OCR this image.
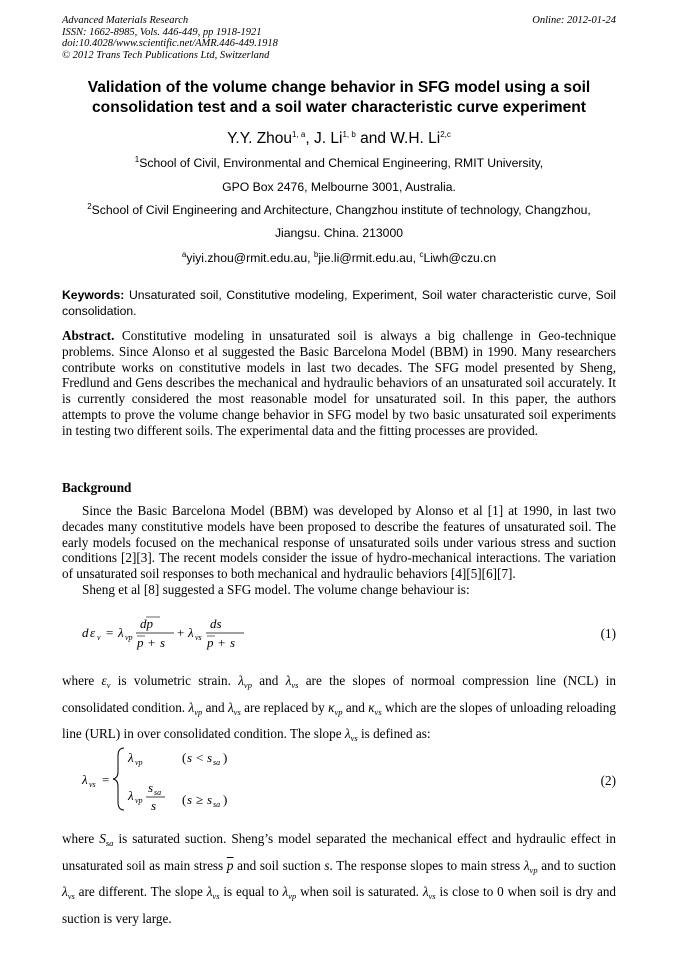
Advanced Materials Research
ISSN: 1662-8985, Vols. 446-449, pp 1918-1921
doi:10.4028/www.scientific.net/AMR.446-449.1918
© 2012 Trans Tech Publications Ltd, Switzerland
Online: 2012-01-24
Validation of the volume change behavior in SFG model using a soil
consolidation test and a soil water characteristic curve experiment
Y.Y. Zhou$^{1, a}$, J. Li$^{1, b}$ and W.H. Li$^{2,c}$
$^1$School of Civil, Environmental and Chemical Engineering, RMIT University,
GPO Box 2476, Melbourne 3001, Australia.
$^2$School of Civil Engineering and Architecture, Changzhou institute of technology, Changzhou,
Jiangsu. China. 213000
$^a$yiyi.zhou@rmit.edu.au, $^b$jie.li@rmit.edu.au, $^c$Liwh@czu.cn
Keywords: Unsaturated soil, Constitutive modeling, Experiment, Soil water characteristic curve, Soil consolidation.
Abstract. Constitutive modeling in unsaturated soil is always a big challenge in Geo-technique problems. Since Alonso et al suggested the Basic Barcelona Model (BBM) in 1990. Many researchers contribute works on constitutive models in last two decades. The SFG model presented by Sheng, Fredlund and Gens describes the mechanical and hydraulic behaviors of an unsaturated soil accurately. It is currently considered the most reasonable model for unsaturated soil. In this paper, the authors attempts to prove the volume change behavior in SFG model by two basic unsaturated soil experiments in testing two different soils. The experimental data and the fitting processes are provided.
Background
Since the Basic Barcelona Model (BBM) was developed by Alonso et al [1] at 1990, in last two decades many constitutive models have been proposed to describe the features of unsaturated soil. The early models focused on the mechanical response of unsaturated soils under various stress and suction conditions [2][3]. The recent models consider the issue of hydro-mechanical interactions. The variation of unsaturated soil responses to both mechanical and hydraulic behaviors [4][5][6][7].
Sheng et al [8] suggested a SFG model. The volume change behaviour is:
d ε v = λ vp
dp
p + s
+ λ vs
ds
p + s
(1)
where $\varepsilon_v$ is volumetric strain. $\lambda_{vp}$ and $\lambda_{vs}$ are the slopes of normoal compression line (NCL) in consolidated condition. $\lambda_{vp}$ and $\lambda_{vs}$ are replaced by $\kappa_{vp}$ and $\kappa_{vs}$ which are the slopes of unloading reloading line (URL) in over consolidated condition. The slope $\lambda_{vs}$ is defined as:
λ vs =
λ vp	( s < s sa )
λ vp
s sa
s ( s ≥ s sa )
(2)
where $S_{sa}$ is saturated suction. Sheng’s model separated the mechanical effect and hydraulic effect in unsaturated soil as main stress $\overline{p}$ and soil suction s. The response slopes to main stress $\lambda_{vp}$ and to suction $\lambda_{vs}$ are different. The slope $\lambda_{vs}$ is equal to $\lambda_{vp}$ when soil is saturated. $\lambda_{vs}$ is close to 0 when soil is dry and suction is very large.
